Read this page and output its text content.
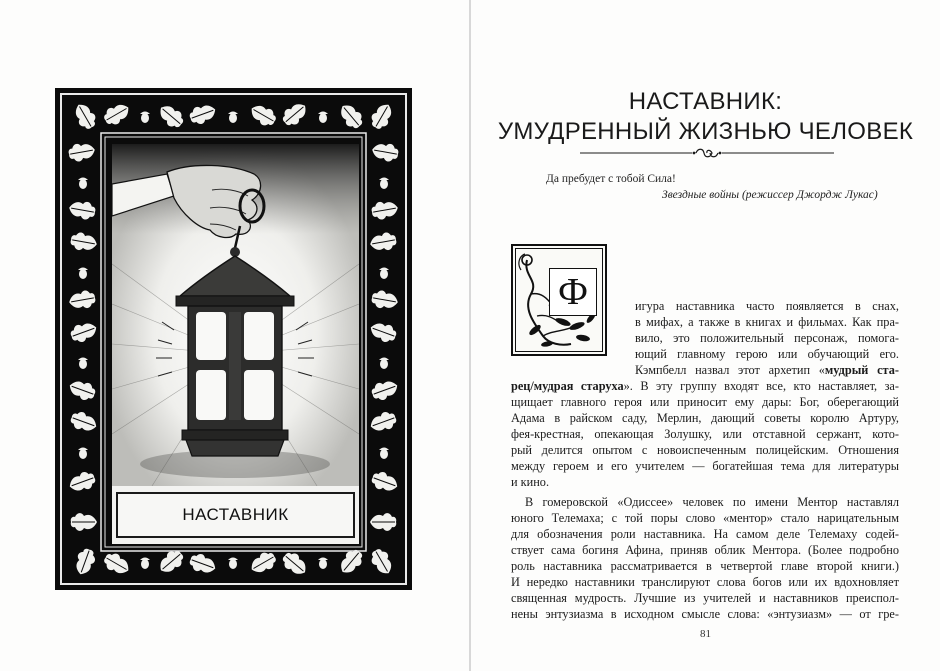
НАСТАВНИК
НАСТАВНИК:
УМУДРЕННЫЙ ЖИЗНЬЮ ЧЕЛОВЕК
Да пребудет с тобой Сила!
Звездные войны (режиссер Джордж Лукас)
Ф	игура наставника часто появляется в снах,
в мифах, а также в книгах и фильмах. Как пра-
вило, это положительный персонаж, помога-
ющий главному герою или обучающий его.
Кэмпбелл назвал этот архетип «мудрый ста-
рец/мудрая старуха». В эту группу входят все, кто наставляет, за-
щищает главного героя или приносит ему дары: Бог, оберегающий
Адама в райском саду, Мерлин, дающий советы королю Артуру,
фея-крестная, опекающая Золушку, или отставной сержант, кото-
рый делится опытом с новоиспеченным полицейским. Отношения
между героем и его учителем — богатейшая тема для литературы
и кино.
В гомеровской «Одиссее» человек по имени Ментор наставлял
юного Телемаха; с той поры слово «ментор» стало нарицательным
для обозначения роли наставника. На самом деле Телемаху содей-
ствует сама богиня Афина, приняв облик Ментора. (Более подробно
роль наставника рассматривается в четвертой главе второй книги.)
И нередко наставники транслируют слова богов или их вдохновляет
священная мудрость. Лучшие из учителей и наставников преиспол-
нены энтузиазма в исходном смысле слова: «энтузиазм» — от гре-
81
